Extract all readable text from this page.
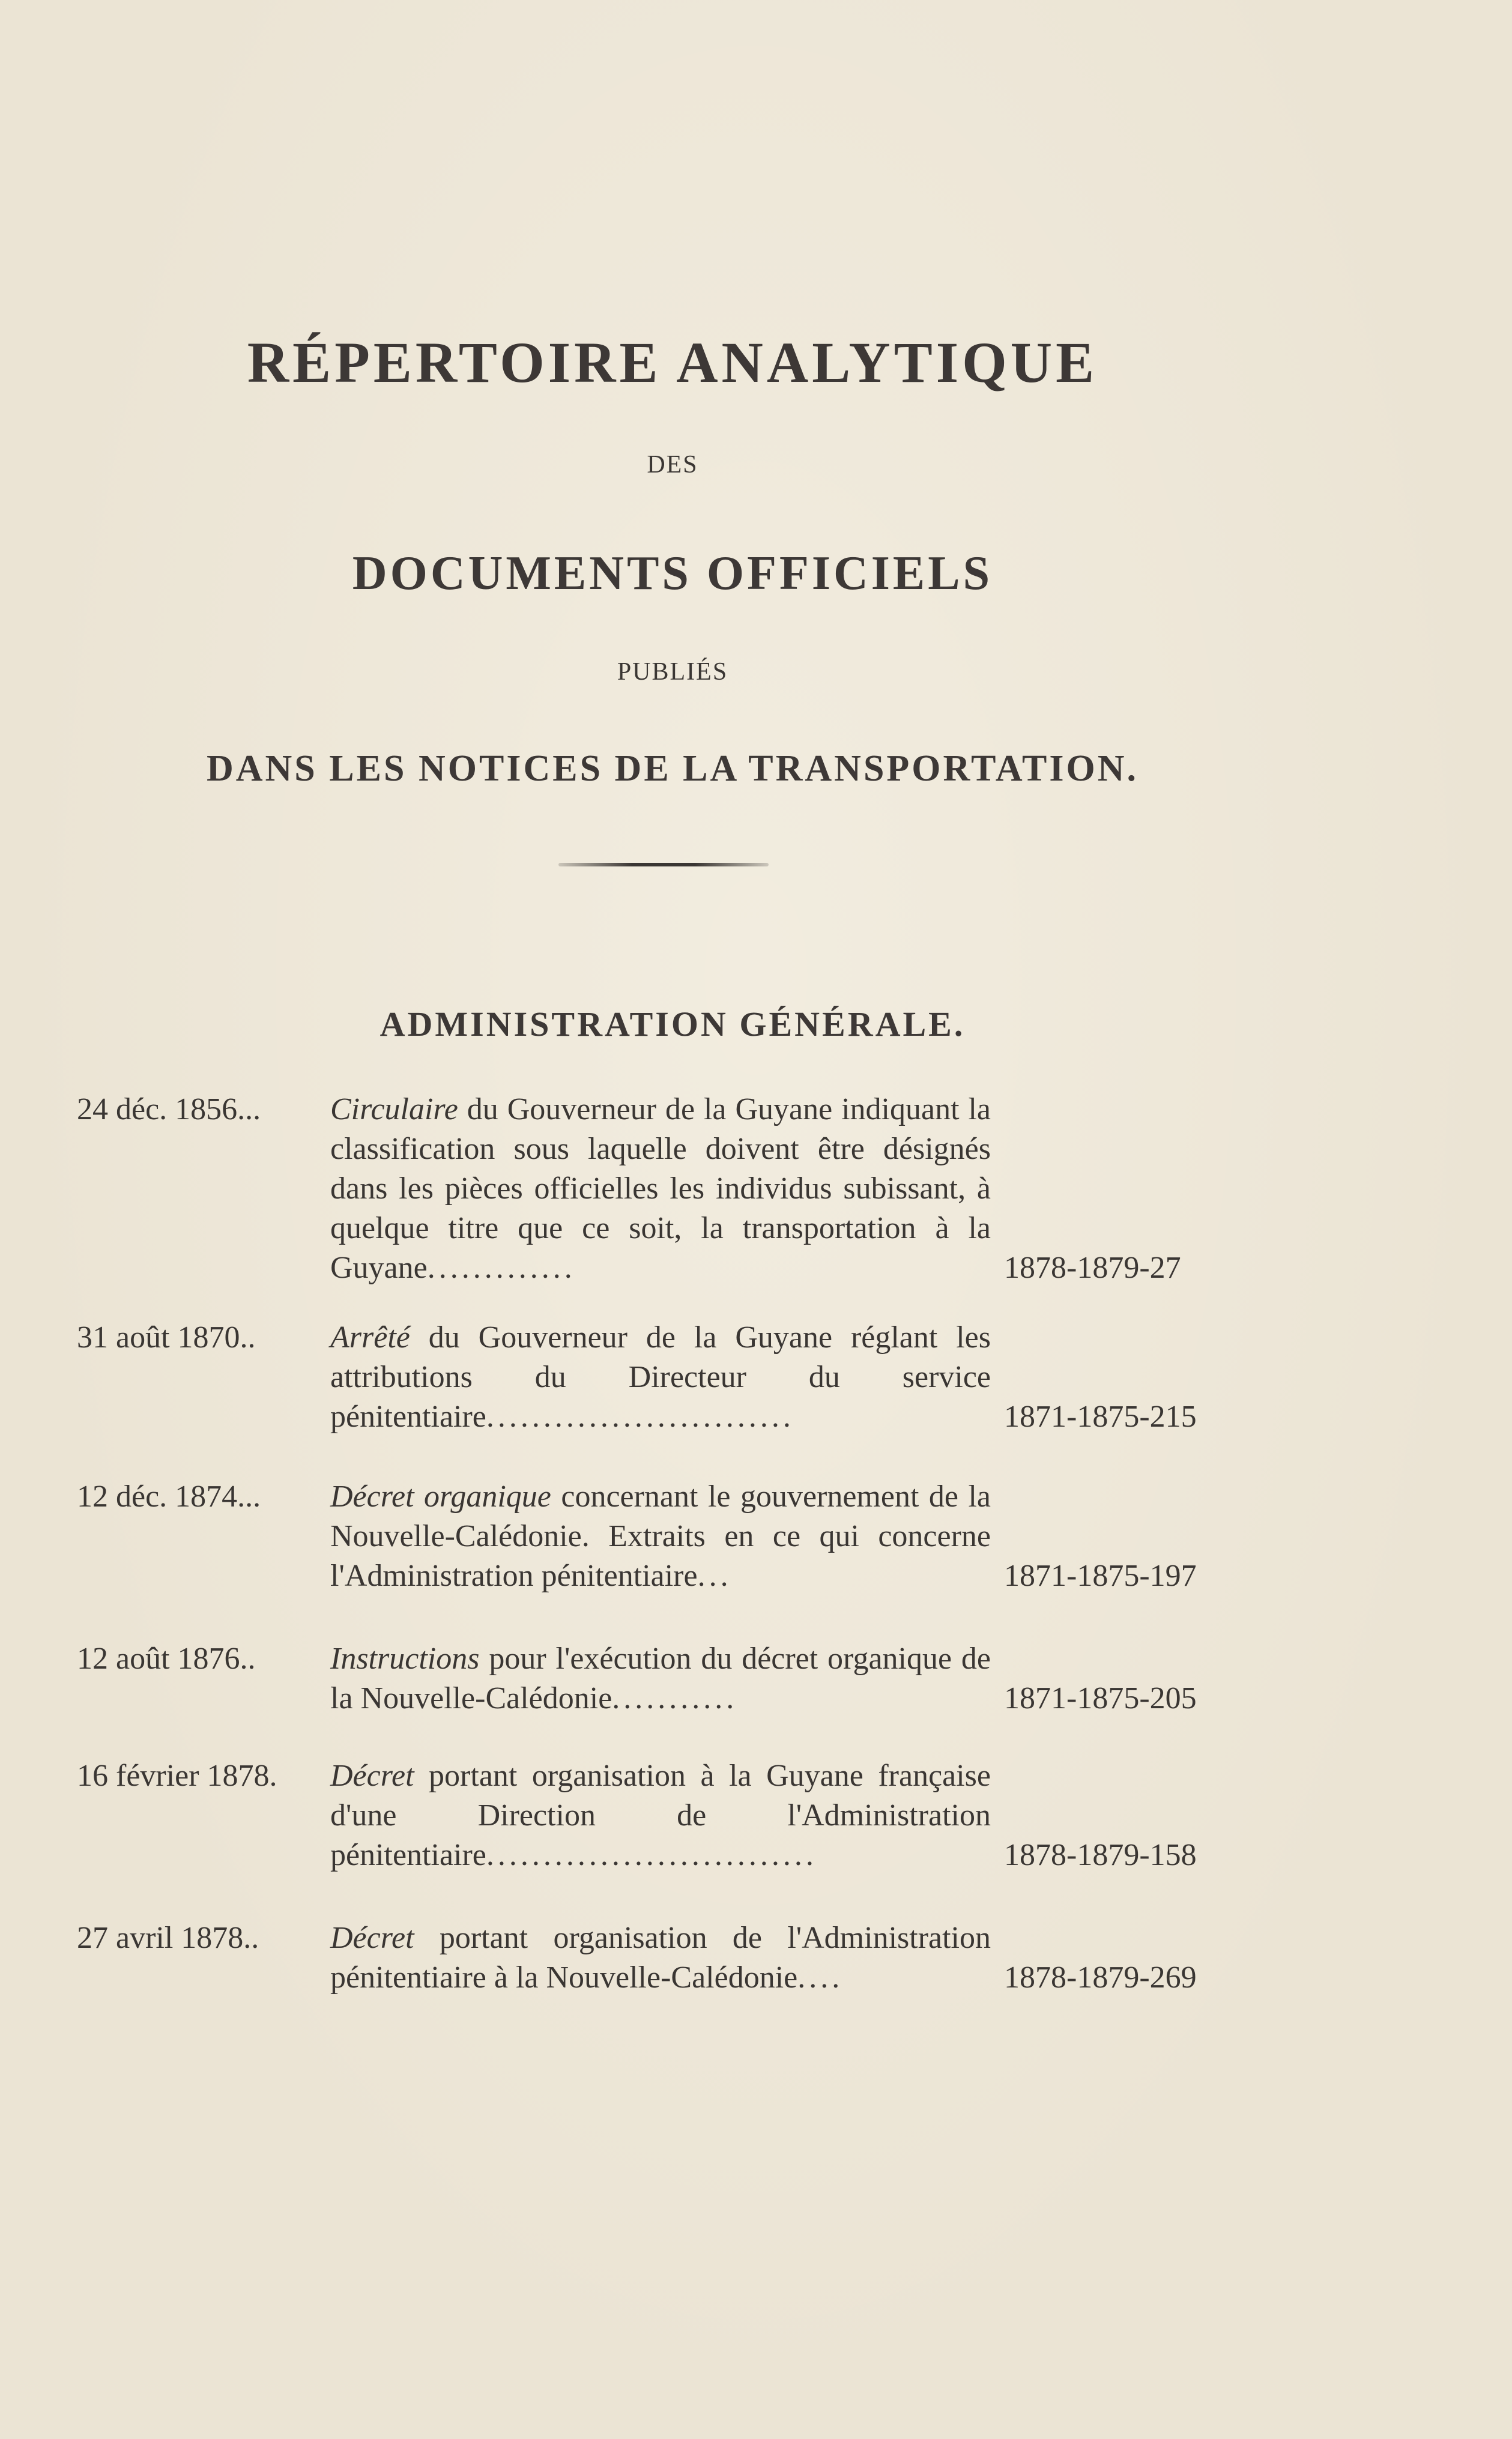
RÉPERTOIRE ANALYTIQUE
DES
DOCUMENTS OFFICIELS
PUBLIÉS
DANS LES NOTICES DE LA TRANSPORTATION.
ADMINISTRATION GÉNÉRALE.
24 déc. 1856... Circulaire du Gouverneur de la Guyane indiquant la classification sous laquelle doivent être désignés dans les pièces officielles les individus subissant, à quelque titre que ce soit, la transportation à la Guyane.............	1878-1879-27
31 août 1870.. Arrêté du Gouverneur de la Guyane réglant les attributions du Directeur du service pénitentiaire...........................	1871-1875-215
12 déc. 1874... Décret organique concernant le gouvernement de la Nouvelle-Calédonie. Extraits en ce qui concerne l'Administration pénitentiaire...	1871-1875-197
12 août 1876.. Instructions pour l'exécution du décret organique de la Nouvelle-Calédonie...........	1871-1875-205
16 février 1878. Décret portant organisation à la Guyane française d'une Direction de l'Administration pénitentiaire.............................	1878-1879-158
27 avril 1878.. Décret portant organisation de l'Administration pénitentiaire à la Nouvelle-Calédonie....	1878-1879-269
